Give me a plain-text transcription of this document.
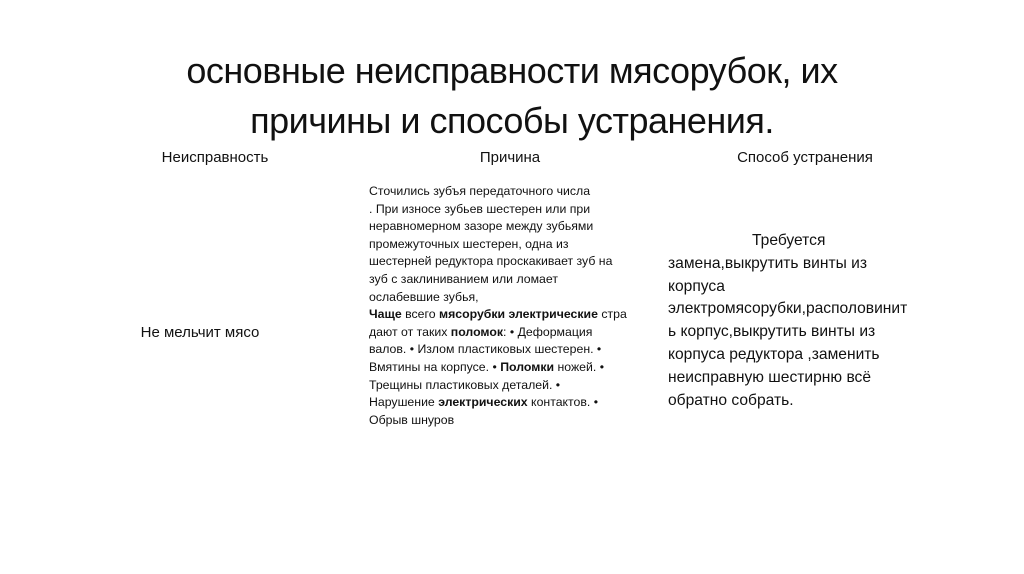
основные неисправности мясорубок, их
причины и способы устранения.
Неисправность	Причина	Способ устранения
Не мельчит мясо

Сточились зубъя передаточного числа

. При износе зубьев шестерен или при

неравномерном зазоре между зубьями

промежуточных шестерен, одна из

шестерней редуктора проскакивает зуб на

зуб с заклиниванием или ломает

ослабевшие зубья,

Чаще всего мясорубки электрические стра

дают от таких поломок: • Деформация

валов. • Излом пластиковых шестерен. •

Вмятины на корпусе. • Поломки ножей. •

Трещины пластиковых деталей. •

Нарушение электрических контактов. •

Обрыв шнуров

Требуется

замена,выкрутить винты из

корпуса

электромясорубки,располовинит

ь корпус,выкрутить винты из

корпуса редуктора ,заменить

неисправную шестирню всё

обратно собрать.
